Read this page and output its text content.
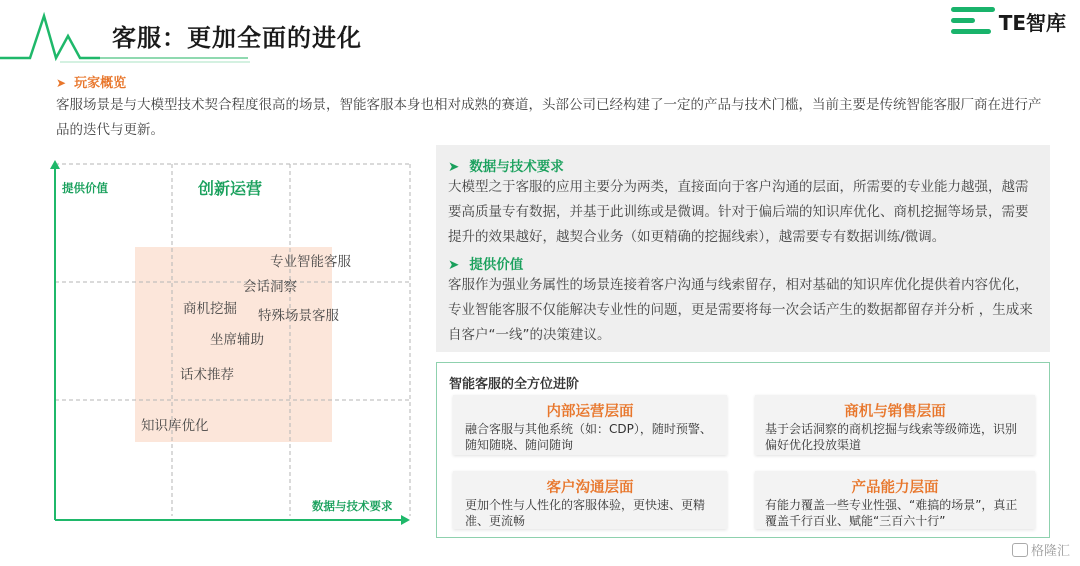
客服：更加全面的进化
TE智库
➤ 玩家概览
客服场景是与大模型技术契合程度很高的场景，智能客服本身也相对成熟的赛道，头部公司已经构建了一定的产品与技术门槛，当前主要是传统智能客服厂商在进行产品的迭代与更新。
提供价值
数据与技术要求
创新运营
专业智能客服
会话洞察
商机挖掘 特殊场景客服
坐席辅助
话术推荐
知识库优化
➤ 数据与技术要求
大模型之于客服的应用主要分为两类，直接面向于客户沟通的层面，所需要的专业能力越强，越需要高质量专有数据，并基于此训练或是微调。针对于偏后端的知识库优化、商机挖掘等场景，需要提升的效果越好，越契合业务（如更精确的挖掘线索），越需要专有数据训练/微调。
➤ 提供价值
客服作为强业务属性的场景连接着客户沟通与线索留存，相对基础的知识库优化提供着内容优化，专业智能客服不仅能解决专业性的问题，更是需要将每一次会话产生的数据都留存并分析 ，生成来自客户“一线”的决策建议。
智能客服的全方位进阶
内部运营层面
融合客服与其他系统（如：CDP），随时预警、随知随晓、随问随询
商机与销售层面
基于会话洞察的商机挖掘与线索等级筛选，识别偏好优化投放渠道
客户沟通层面
更加个性与人性化的客服体验，更快速、更精准、更流畅
产品能力层面
有能力覆盖一些专业性强、“难搞的场景”，真正覆盖千行百业、赋能“三百六十行”
格隆汇
